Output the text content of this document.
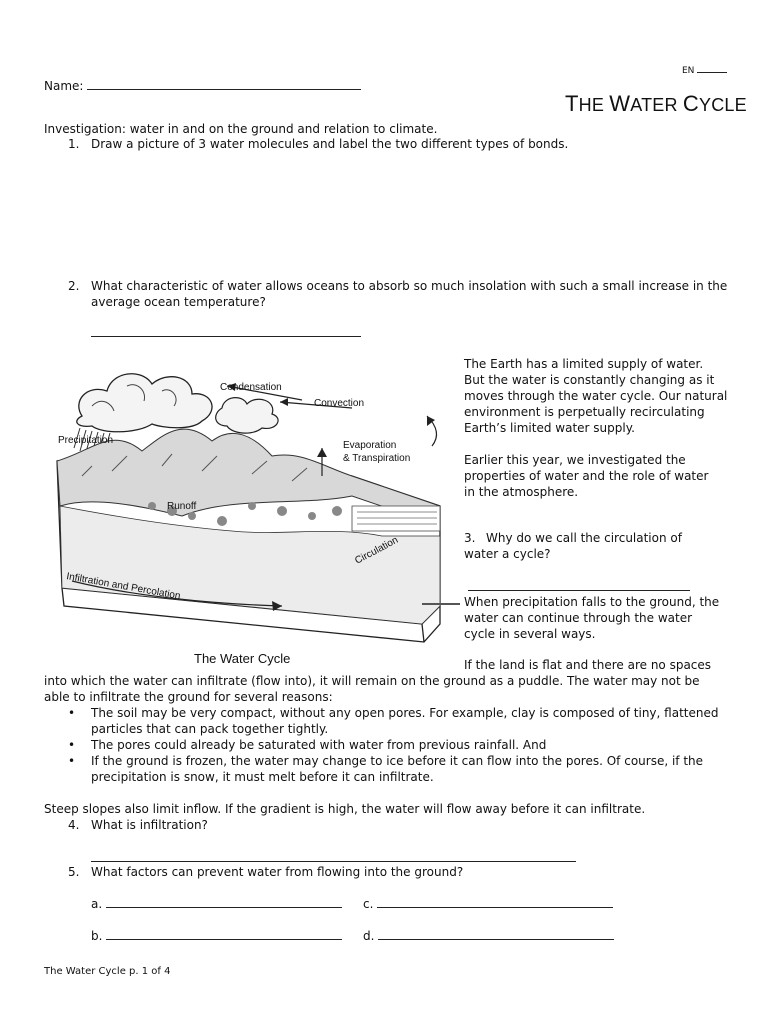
EN
Name:
THE WATER CYCLE
Investigation: water in and on the ground and relation to climate.
1. Draw a picture of 3 water molecules and label the two different types of bonds.
2. What characteristic of water allows oceans to absorb so much insolation with such a small increase in the
average ocean temperature?
Condensation
Convection
Precipitation	Evaporation
& Transpiration
Runoff
Circulation
Infiltration and Percolation
The Water Cycle
The Earth has a limited supply of water.
But the water is constantly changing as it
moves through the water cycle. Our natural
environment is perpetually recirculating
Earth’s limited water supply.
Earlier this year, we investigated the
properties of water and the role of water
in the atmosphere.
3. Why do we call the circulation of
water a cycle?
When precipitation falls to the ground, the
water can continue through the water
cycle in several ways.
If the land is flat and there are no spaces
into which the water can infiltrate (flow into), it will remain on the ground as a puddle. The water may not be
able to infiltrate the ground for several reasons:
• The soil may be very compact, without any open pores. For example, clay is composed of tiny, flattened
particles that can pack together tightly.
• The pores could already be saturated with water from previous rainfall. And
• If the ground is frozen, the water may change to ice before it can flow into the pores. Of course, if the
precipitation is snow, it must melt before it can infiltrate.
Steep slopes also limit inflow. If the gradient is high, the water will flow away before it can infiltrate.
4. What is infiltration?
5. What factors can prevent water from flowing into the ground?
a.	c.
b.	d.
The Water Cycle p. 1 of 4
